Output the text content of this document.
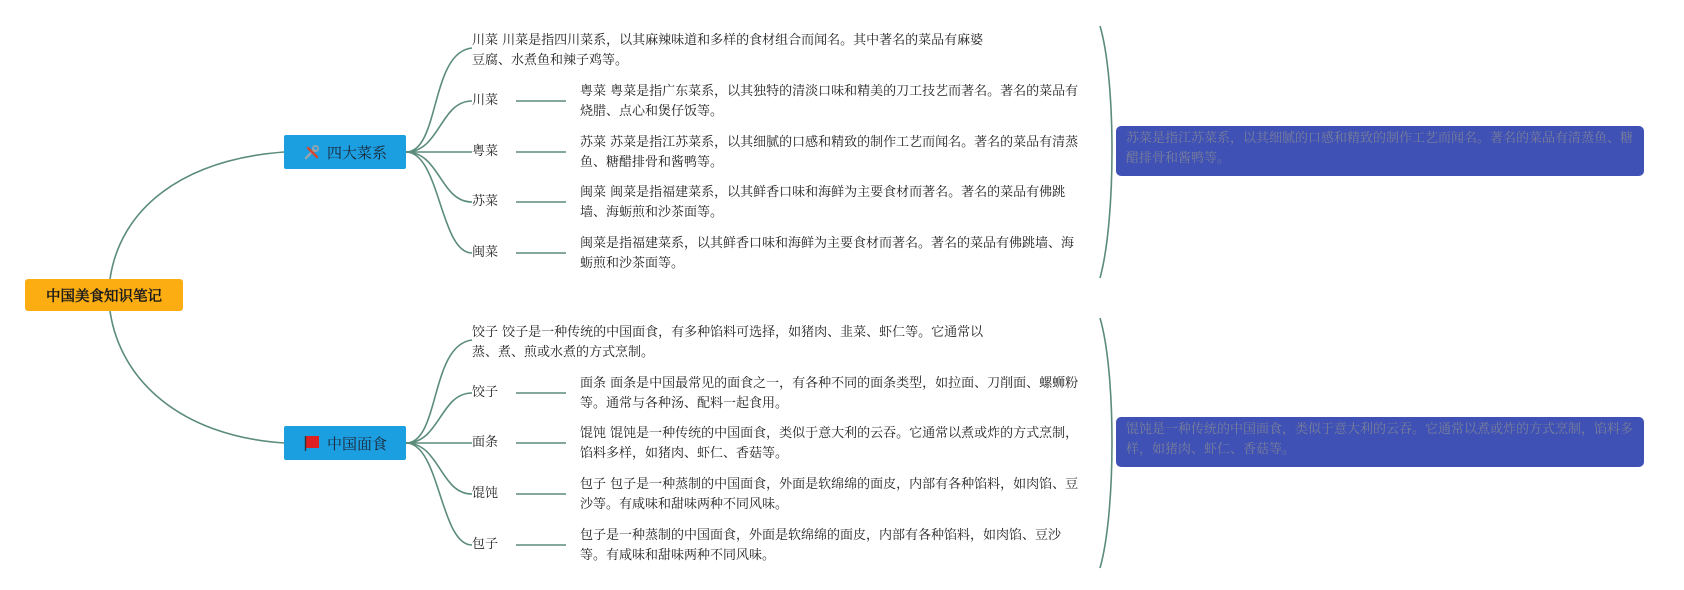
中国美食知识笔记
四大菜系
川菜 川菜是指四川菜系，以其麻辣味道和多样的食材组合而闻名。其中著名的菜品有麻婆豆腐、水煮鱼和辣子鸡等。
川菜
粤菜
苏菜
闽菜
粤菜 粤菜是指广东菜系，以其独特的清淡口味和精美的刀工技艺而著名。著名的菜品有烧腊、点心和煲仔饭等。
苏菜 苏菜是指江苏菜系，以其细腻的口感和精致的制作工艺而闻名。著名的菜品有清蒸鱼、糖醋排骨和酱鸭等。
闽菜 闽菜是指福建菜系，以其鲜香口味和海鲜为主要食材而著名。著名的菜品有佛跳墙、海蛎煎和沙茶面等。
闽菜是指福建菜系，以其鲜香口味和海鲜为主要食材而著名。著名的菜品有佛跳墙、海蛎煎和沙茶面等。
苏菜是指江苏菜系，以其细腻的口感和精致的制作工艺而闻名。著名的菜品有清蒸鱼、糖醋排骨和酱鸭等。
中国面食
饺子 饺子是一种传统的中国面食，有多种馅料可选择，如猪肉、韭菜、虾仁等。它通常以蒸、煮、煎或水煮的方式烹制。
饺子
面条
馄饨
包子
面条 面条是中国最常见的面食之一，有各种不同的面条类型，如拉面、刀削面、螺蛳粉等。通常与各种汤、配料一起食用。
馄饨 馄饨是一种传统的中国面食，类似于意大利的云吞。它通常以煮或炸的方式烹制，馅料多样，如猪肉、虾仁、香菇等。
包子 包子是一种蒸制的中国面食，外面是软绵绵的面皮，内部有各种馅料，如肉馅、豆沙等。有咸味和甜味两种不同风味。
包子是一种蒸制的中国面食，外面是软绵绵的面皮，内部有各种馅料，如肉馅、豆沙等。有咸味和甜味两种不同风味。
馄饨是一种传统的中国面食，类似于意大利的云吞。它通常以煮或炸的方式烹制，馅料多样，如猪肉、虾仁、香菇等。
